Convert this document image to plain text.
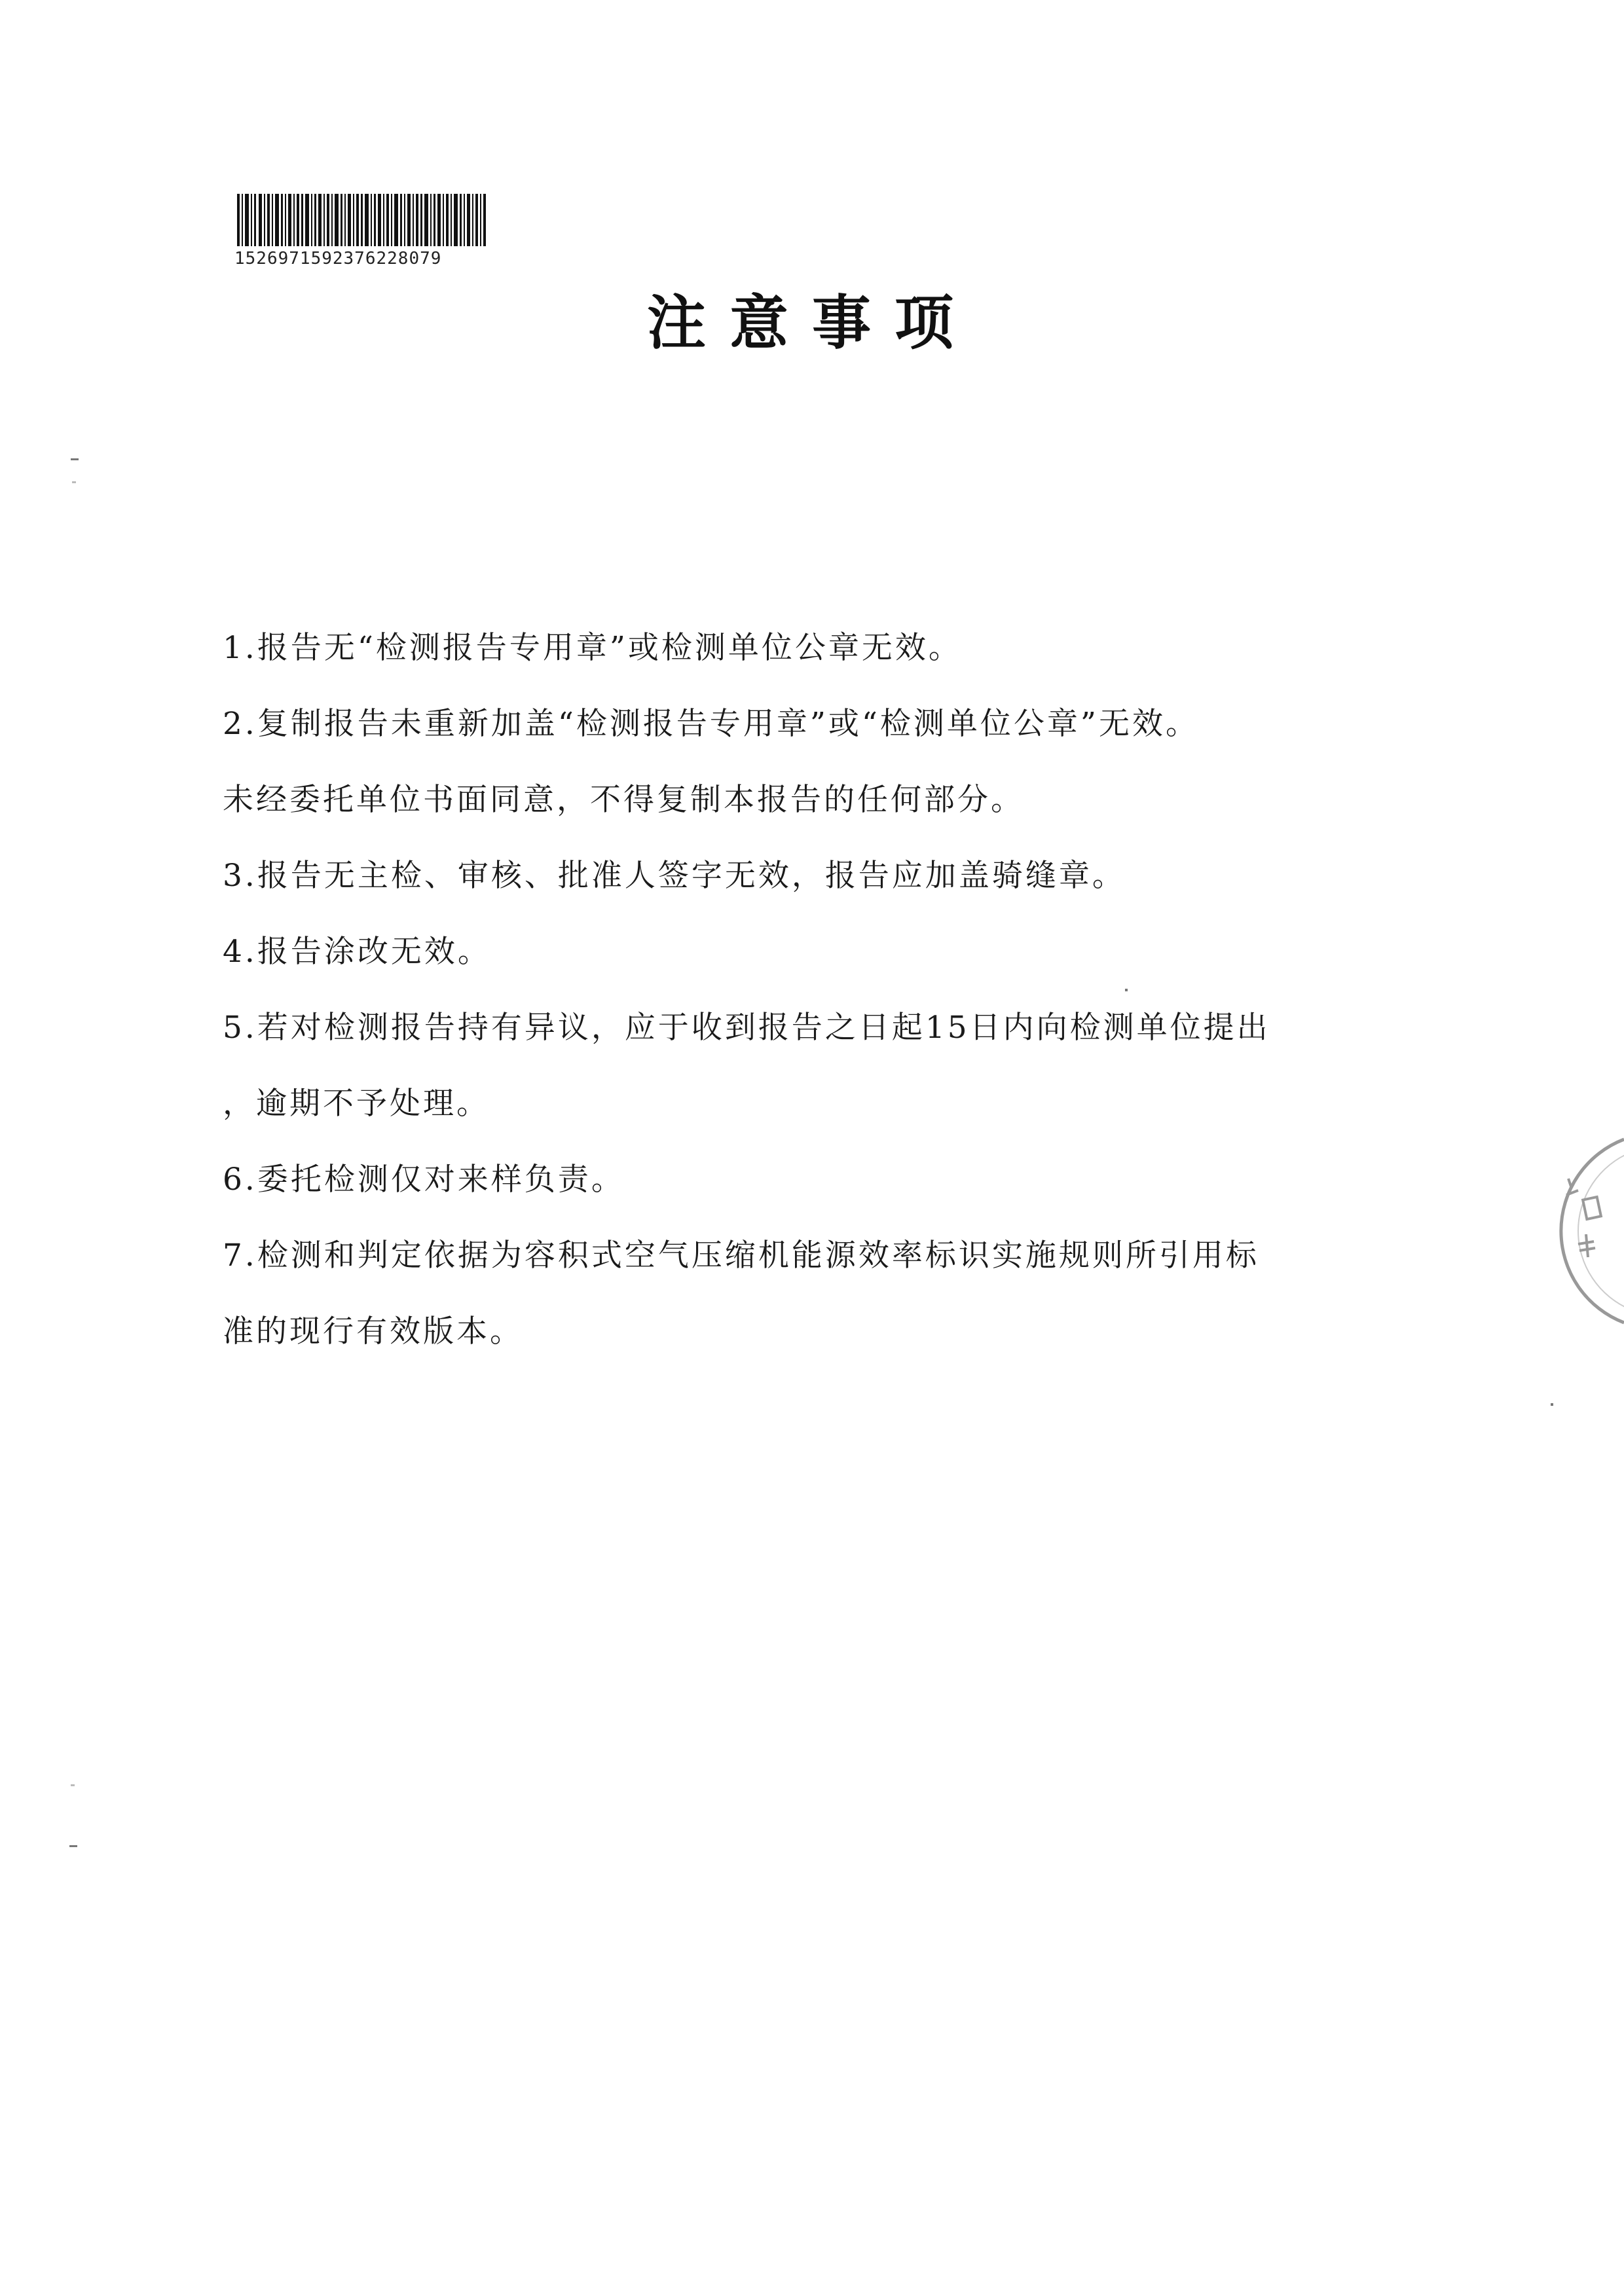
1526971592376228079
注意事项
1.报告无“检测报告专用章”或检测单位公章无效。
2.复制报告未重新加盖“检测报告专用章”或“检测单位公章”无效。
未经委托单位书面同意，不得复制本报告的任何部分。
3.报告无主检、审核、批准人签字无效，报告应加盖骑缝章。
4.报告涂改无效。
5.若对检测报告持有异议，应于收到报告之日起15日内向检测单位提出
，逾期不予处理。
6.委托检测仅对来样负责。
7.检测和判定依据为容积式空气压缩机能源效率标识实施规则所引用标
准的现行有效版本。
